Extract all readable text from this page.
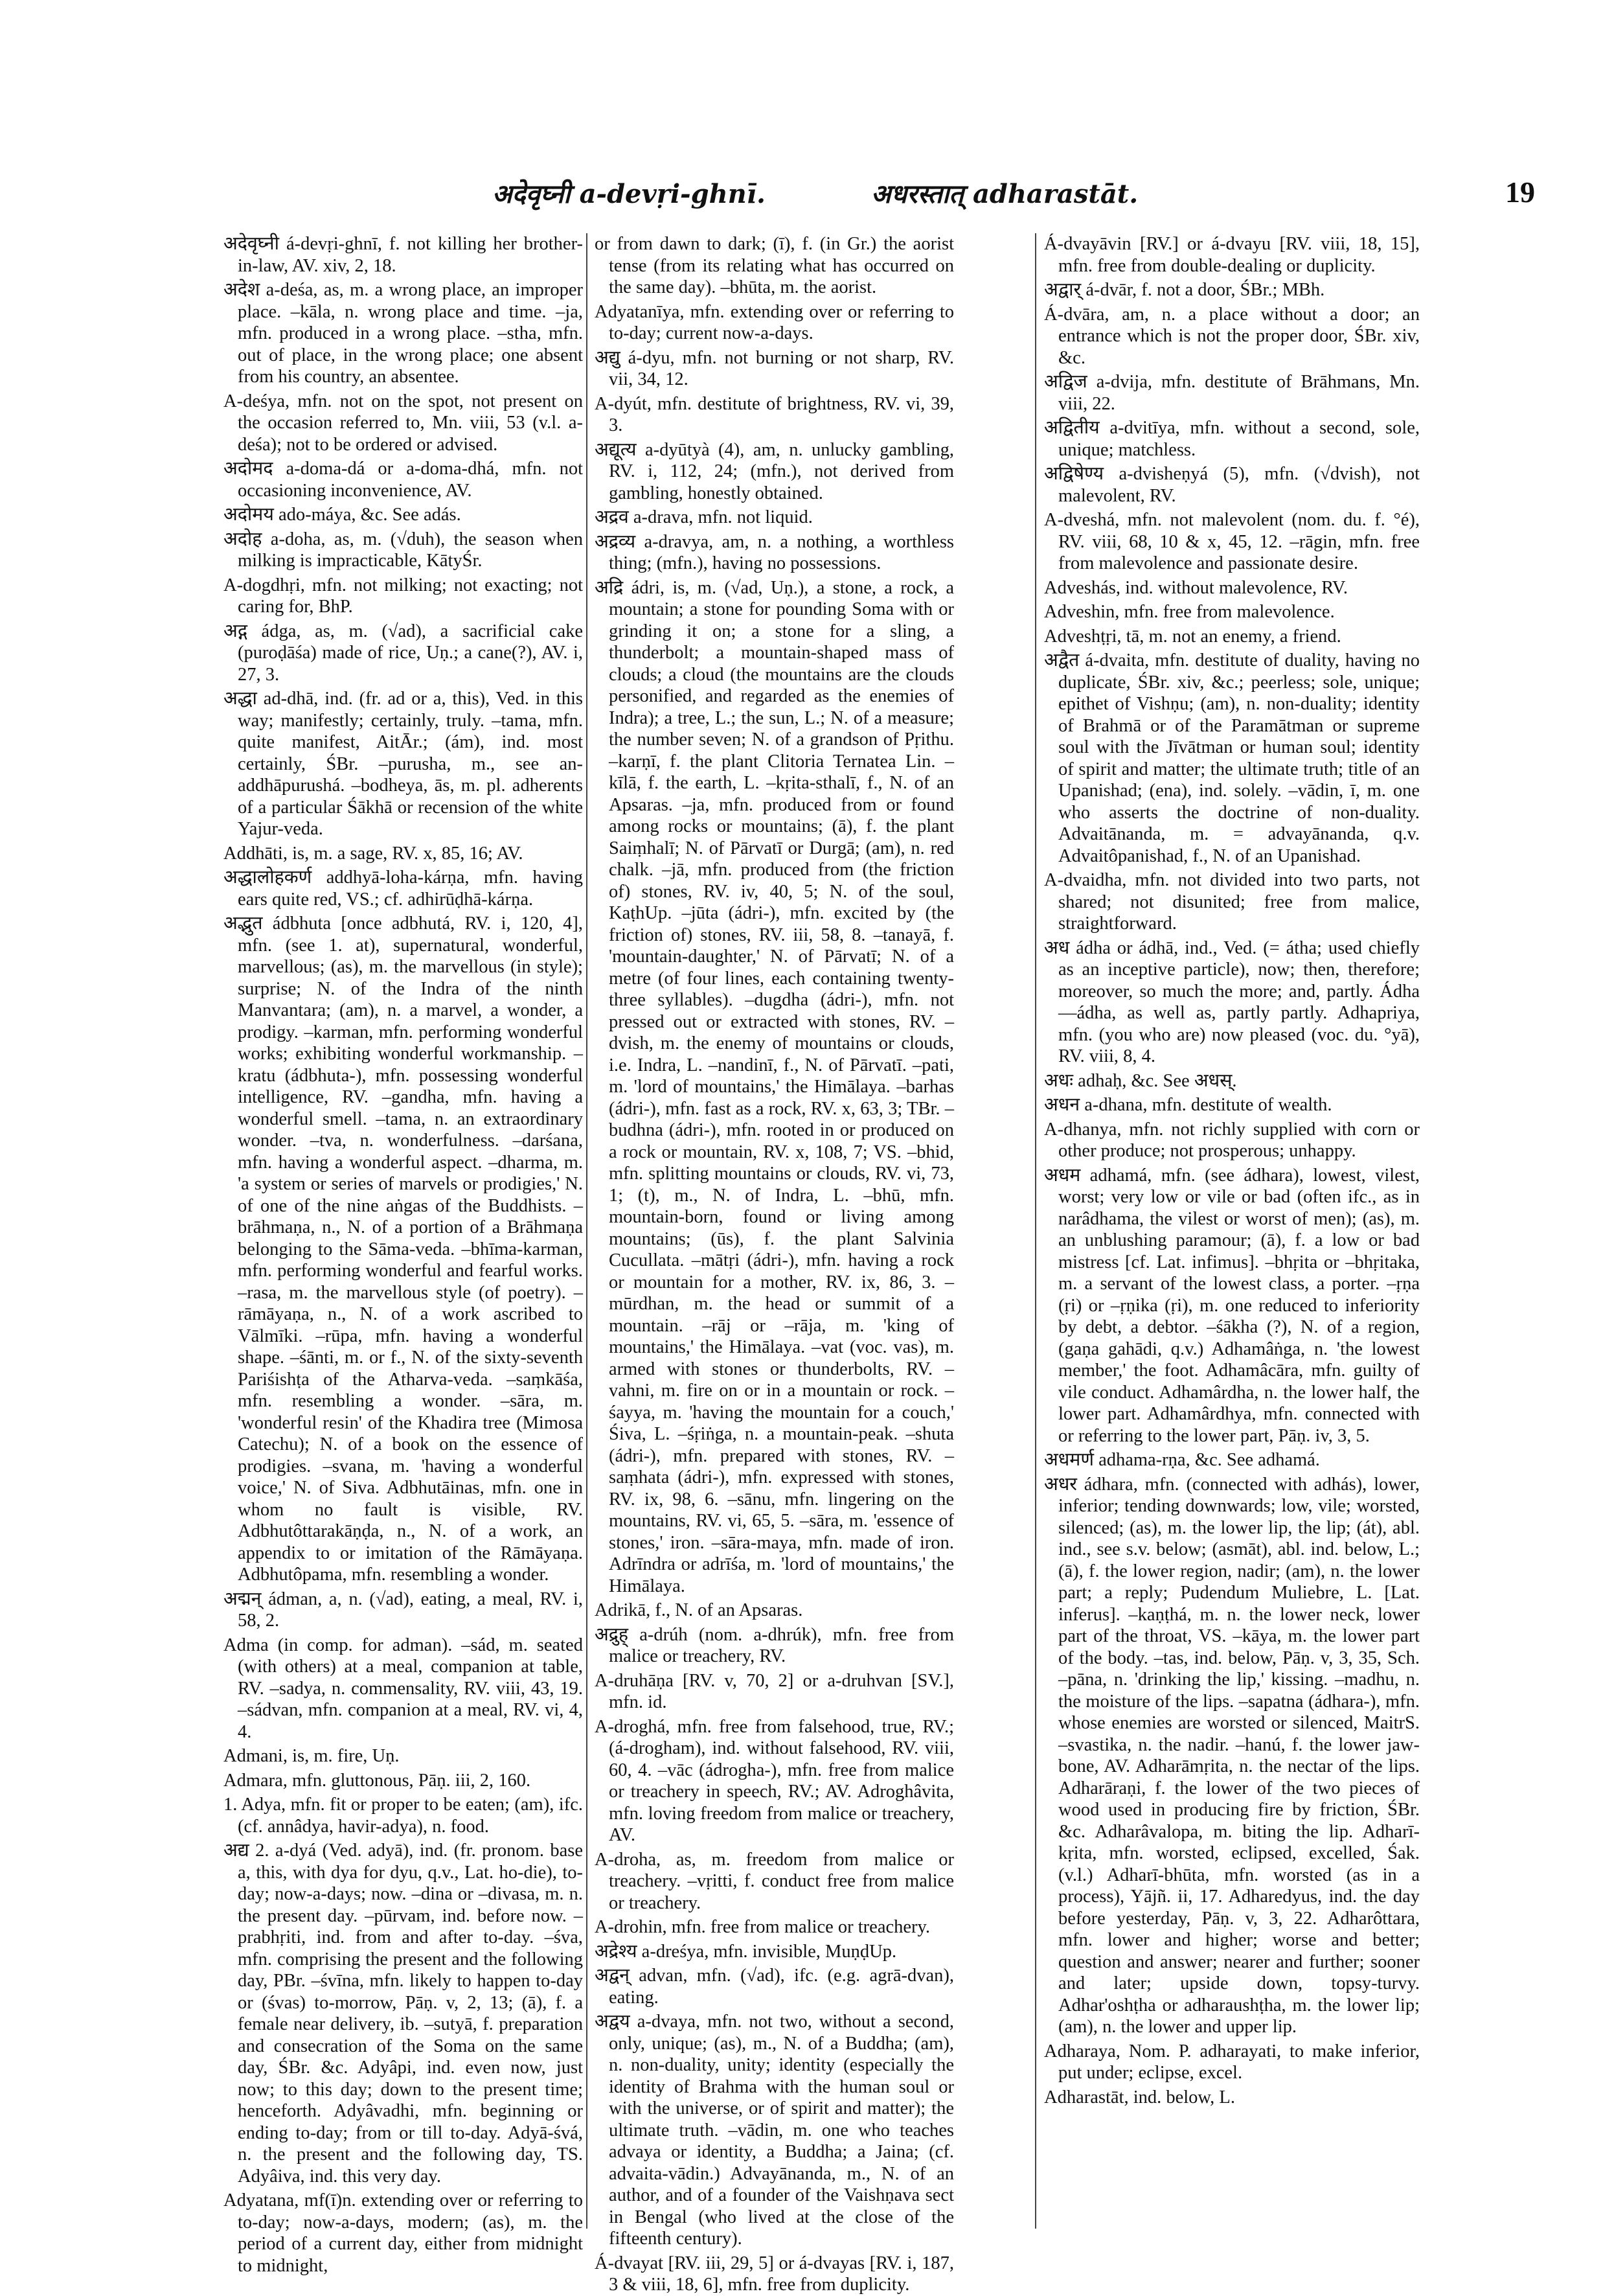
अदेवृघ्नी a-devṛi-ghnī.	अधरस्तात् adharastāt.	19

अदेवृघ्नी á-devṛi-ghnī, f. not killing her brother-in-law, AV. xiv, 2, 18.

अदेश a-deśa, as, m. a wrong place, an improper place. –kāla, n. wrong place and time. –ja, mfn. produced in a wrong place. –stha, mfn. out of place, in the wrong place; one absent from his country, an absentee.

A-deśya, mfn. not on the spot, not present on the occasion referred to, Mn. viii, 53 (v.l. a-deśa); not to be ordered or advised.

अदोमद a-doma-dá or a-doma-dhá, mfn. not occasioning inconvenience, AV.

अदोमय ado-máya, &c. See adás.

अदोह a-doha, as, m. (√duh), the season when milking is impracticable, KātyŚr.

A-dogdhṛi, mfn. not milking; not exacting; not caring for, BhP.

अद्ग ádga, as, m. (√ad), a sacrificial cake (puroḍāśa) made of rice, Uṇ.; a cane(?), AV. i, 27, 3.

अद्धा ad-dhā, ind. (fr. ad or a, this), Ved. in this way; manifestly; certainly, truly. –tama, mfn. quite manifest, AitĀr.; (ám), ind. most certainly, ŚBr. –purusha, m., see an-addhāpurushá. –bodheya, ās, m. pl. adherents of a particular Śākhā or recension of the white Yajur-veda.

Addhāti, is, m. a sage, RV. x, 85, 16; AV.

अद्धालोहकर्ण addhyā-loha-kárṇa, mfn. having ears quite red, VS.; cf. adhirūḍhā-kárṇa.

अद्भुत ádbhuta [once adbhutá, RV. i, 120, 4], mfn. (see 1. at), supernatural, wonderful, marvellous; (as), m. the marvellous (in style); surprise; N. of the Indra of the ninth Manvantara; (am), n. a marvel, a wonder, a prodigy. –karman, mfn. performing wonderful works; exhibiting wonderful workmanship. –kratu (ádbhuta-), mfn. possessing wonderful intelligence, RV. –gandha, mfn. having a wonderful smell. –tama, n. an extraordinary wonder. –tva, n. wonderfulness. –darśana, mfn. having a wonderful aspect. –dharma, m. 'a system or series of marvels or prodigies,' N. of one of the nine aṅgas of the Buddhists. –brāhmaṇa, n., N. of a portion of a Brāhmaṇa belonging to the Sāma-veda. –bhīma-karman, mfn. performing wonderful and fearful works. –rasa, m. the marvellous style (of poetry). –rāmāyaṇa, n., N. of a work ascribed to Vālmīki. –rūpa, mfn. having a wonderful shape. –śānti, m. or f., N. of the sixty-seventh Pariśishṭa of the Atharva-veda. –saṃkāśa, mfn. resembling a wonder. –sāra, m. 'wonderful resin' of the Khadira tree (Mimosa Catechu); N. of a book on the essence of prodigies. –svana, m. 'having a wonderful voice,' N. of Siva. Adbhutāinas, mfn. one in whom no fault is visible, RV. Adbhutôttarakāṇḍa, n., N. of a work, an appendix to or imitation of the Rāmāyaṇa. Adbhutôpama, mfn. resembling a wonder.

अद्मन् ádman, a, n. (√ad), eating, a meal, RV. i, 58, 2.

Adma (in comp. for adman). –sád, m. seated (with others) at a meal, companion at table, RV. –sadya, n. commensality, RV. viii, 43, 19. –sádvan, mfn. companion at a meal, RV. vi, 4, 4.

Admani, is, m. fire, Uṇ.

Admara, mfn. gluttonous, Pāṇ. iii, 2, 160.

1. Adya, mfn. fit or proper to be eaten; (am), ifc. (cf. annâdya, havir-adya), n. food.

अद्य 2. a-dyá (Ved. adyā), ind. (fr. pronom. base a, this, with dya for dyu, q.v., Lat. ho-die), to-day; now-a-days; now. –dina or –divasa, m. n. the present day. –pūrvam, ind. before now. –prabhṛiti, ind. from and after to-day. –śva, mfn. comprising the present and the following day, PBr. –śvīna, mfn. likely to happen to-day or (śvas) to-morrow, Pāṇ. v, 2, 13; (ā), f. a female near delivery, ib. –sutyā, f. preparation and consecration of the Soma on the same day, ŚBr. &c. Adyâpi, ind. even now, just now; to this day; down to the present time; henceforth. Adyâvadhi, mfn. beginning or ending to-day; from or till to-day. Adyā-śvá, n. the present and the following day, TS. Adyâiva, ind. this very day.

Adyatana, mf(ī)n. extending over or referring to to-day; now-a-days, modern; (as), m. the period of a current day, either from midnight to midnight,

or from dawn to dark; (ī), f. (in Gr.) the aorist tense (from its relating what has occurred on the same day). –bhūta, m. the aorist.

Adyatanīya, mfn. extending over or referring to to-day; current now-a-days.

अद्यु á-dyu, mfn. not burning or not sharp, RV. vii, 34, 12.

A-dyút, mfn. destitute of brightness, RV. vi, 39, 3.

अद्यूत्य a-dyūtyà (4), am, n. unlucky gambling, RV. i, 112, 24; (mfn.), not derived from gambling, honestly obtained.

अद्रव a-drava, mfn. not liquid.

अद्रव्य a-dravya, am, n. a nothing, a worthless thing; (mfn.), having no possessions.

अद्रि ádri, is, m. (√ad, Uṇ.), a stone, a rock, a mountain; a stone for pounding Soma with or grinding it on; a stone for a sling, a thunderbolt; a mountain-shaped mass of clouds; a cloud (the mountains are the clouds personified, and regarded as the enemies of Indra); a tree, L.; the sun, L.; N. of a measure; the number seven; N. of a grandson of Pṛithu. –karṇī, f. the plant Clitoria Ternatea Lin. –kīlā, f. the earth, L. –kṛita-sthalī, f., N. of an Apsaras. –ja, mfn. produced from or found among rocks or mountains; (ā), f. the plant Saiṃhalī; N. of Pārvatī or Durgā; (am), n. red chalk. –jā, mfn. produced from (the friction of) stones, RV. iv, 40, 5; N. of the soul, KaṭhUp. –jūta (ádri-), mfn. excited by (the friction of) stones, RV. iii, 58, 8. –tanayā, f. 'mountain-daughter,' N. of Pārvatī; N. of a metre (of four lines, each containing twenty-three syllables). –dugdha (ádri-), mfn. not pressed out or extracted with stones, RV. –dvish, m. the enemy of mountains or clouds, i.e. Indra, L. –nandinī, f., N. of Pārvatī. –pati, m. 'lord of mountains,' the Himālaya. –barhas (ádri-), mfn. fast as a rock, RV. x, 63, 3; TBr. –budhna (ádri-), mfn. rooted in or produced on a rock or mountain, RV. x, 108, 7; VS. –bhid, mfn. splitting mountains or clouds, RV. vi, 73, 1; (t), m., N. of Indra, L. –bhū, mfn. mountain-born, found or living among mountains; (ūs), f. the plant Salvinia Cucullata. –mātṛi (ádri-), mfn. having a rock or mountain for a mother, RV. ix, 86, 3. –mūrdhan, m. the head or summit of a mountain. –rāj or –rāja, m. 'king of mountains,' the Himālaya. –vat (voc. vas), m. armed with stones or thunderbolts, RV. –vahni, m. fire on or in a mountain or rock. –śayya, m. 'having the mountain for a couch,' Śiva, L. –śṛiṅga, n. a mountain-peak. –shuta (ádri-), mfn. prepared with stones, RV. –saṃhata (ádri-), mfn. expressed with stones, RV. ix, 98, 6. –sānu, mfn. lingering on the mountains, RV. vi, 65, 5. –sāra, m. 'essence of stones,' iron. –sāra-maya, mfn. made of iron. Adrīndra or adrīśa, m. 'lord of mountains,' the Himālaya.

Adrikā, f., N. of an Apsaras.

अद्रुह् a-drúh (nom. a-dhrúk), mfn. free from malice or treachery, RV.

A-druhāṇa [RV. v, 70, 2] or a-druhvan [SV.], mfn. id.

A-droghá, mfn. free from falsehood, true, RV.; (á-drogham), ind. without falsehood, RV. viii, 60, 4. –vāc (ádrogha-), mfn. free from malice or treachery in speech, RV.; AV. Adroghâvita, mfn. loving freedom from malice or treachery, AV.

A-droha, as, m. freedom from malice or treachery. –vṛitti, f. conduct free from malice or treachery.

A-drohin, mfn. free from malice or treachery.

अद्रेश्य a-dreśya, mfn. invisible, MuṇḍUp.

अद्वन् advan, mfn. (√ad), ifc. (e.g. agrā-dvan), eating.

अद्वय a-dvaya, mfn. not two, without a second, only, unique; (as), m., N. of a Buddha; (am), n. non-duality, unity; identity (especially the identity of Brahma with the human soul or with the universe, or of spirit and matter); the ultimate truth. –vādin, m. one who teaches advaya or identity, a Buddha; a Jaina; (cf. advaita-vādin.) Advayānanda, m., N. of an author, and of a founder of the Vaishṇava sect in Bengal (who lived at the close of the fifteenth century).

Á-dvayat [RV. iii, 29, 5] or á-dvayas [RV. i, 187, 3 & viii, 18, 6], mfn. free from duplicity.

Á-dvayāvin [RV.] or á-dvayu [RV. viii, 18, 15], mfn. free from double-dealing or duplicity.

अद्वार् á-dvār, f. not a door, ŚBr.; MBh.

Á-dvāra, am, n. a place without a door; an entrance which is not the proper door, ŚBr. xiv, &c.

अद्विज a-dvija, mfn. destitute of Brāhmans, Mn. viii, 22.

अद्वितीय a-dvitīya, mfn. without a second, sole, unique; matchless.

अद्विषेण्य a-dvisheṇyá (5), mfn. (√dvish), not malevolent, RV.

A-dveshá, mfn. not malevolent (nom. du. f. °é), RV. viii, 68, 10 & x, 45, 12. –rāgin, mfn. free from malevolence and passionate desire.

Adveshás, ind. without malevolence, RV.

Adveshin, mfn. free from malevolence.

Adveshṭṛi, tā, m. not an enemy, a friend.

अद्वैत á-dvaita, mfn. destitute of duality, having no duplicate, ŚBr. xiv, &c.; peerless; sole, unique; epithet of Vishṇu; (am), n. non-duality; identity of Brahmā or of the Paramātman or supreme soul with the Jīvātman or human soul; identity of spirit and matter; the ultimate truth; title of an Upanishad; (ena), ind. solely. –vādin, ī, m. one who asserts the doctrine of non-duality. Advaitānanda, m. = advayānanda, q.v. Advaitôpanishad, f., N. of an Upanishad.

A-dvaidha, mfn. not divided into two parts, not shared; not disunited; free from malice, straightforward.

अध ádha or ádhā, ind., Ved. (= átha; used chiefly as an inceptive particle), now; then, therefore; moreover, so much the more; and, partly. Ádha—ádha, as well as, partly partly. Adhapriya, mfn. (you who are) now pleased (voc. du. °yā), RV. viii, 8, 4.

अधः adhaḥ, &c. See अधस्.

अधन a-dhana, mfn. destitute of wealth.

A-dhanya, mfn. not richly supplied with corn or other produce; not prosperous; unhappy.

अधम adhamá, mfn. (see ádhara), lowest, vilest, worst; very low or vile or bad (often ifc., as in narâdhama, the vilest or worst of men); (as), m. an unblushing paramour; (ā), f. a low or bad mistress [cf. Lat. infimus]. –bhṛita or –bhṛitaka, m. a servant of the lowest class, a porter. –ṛṇa (ṛi) or –ṛṇika (ṛi), m. one reduced to inferiority by debt, a debtor. –śākha (?), N. of a region, (gaṇa gahādi, q.v.) Adhamâṅga, n. 'the lowest member,' the foot. Adhamâcāra, mfn. guilty of vile conduct. Adhamârdha, n. the lower half, the lower part. Adhamârdhya, mfn. connected with or referring to the lower part, Pāṇ. iv, 3, 5.

अधमर्ण adhama-rṇa, &c. See adhamá.

अधर ádhara, mfn. (connected with adhás), lower, inferior; tending downwards; low, vile; worsted, silenced; (as), m. the lower lip, the lip; (át), abl. ind., see s.v. below; (asmāt), abl. ind. below, L.; (ā), f. the lower region, nadir; (am), n. the lower part; a reply; Pudendum Muliebre, L. [Lat. inferus]. –kaṇṭhá, m. n. the lower neck, lower part of the throat, VS. –kāya, m. the lower part of the body. –tas, ind. below, Pāṇ. v, 3, 35, Sch. –pāna, n. 'drinking the lip,' kissing. –madhu, n. the moisture of the lips. –sapatna (ádhara-), mfn. whose enemies are worsted or silenced, MaitrS. –svastika, n. the nadir. –hanú, f. the lower jaw-bone, AV. Adharāmṛita, n. the nectar of the lips. Adharāraṇi, f. the lower of the two pieces of wood used in producing fire by friction, ŚBr. &c. Adharâvalopa, m. biting the lip. Adharī-kṛita, mfn. worsted, eclipsed, excelled, Śak. (v.l.) Adharī-bhūta, mfn. worsted (as in a process), Yājñ. ii, 17. Adharedyus, ind. the day before yesterday, Pāṇ. v, 3, 22. Adharôttara, mfn. lower and higher; worse and better; question and answer; nearer and further; sooner and later; upside down, topsy-turvy. Adhar'oshṭha or adharaushṭha, m. the lower lip; (am), n. the lower and upper lip.

Adharaya, Nom. P. adharayati, to make inferior, put under; eclipse, excel.

Adharastāt, ind. below, L.
